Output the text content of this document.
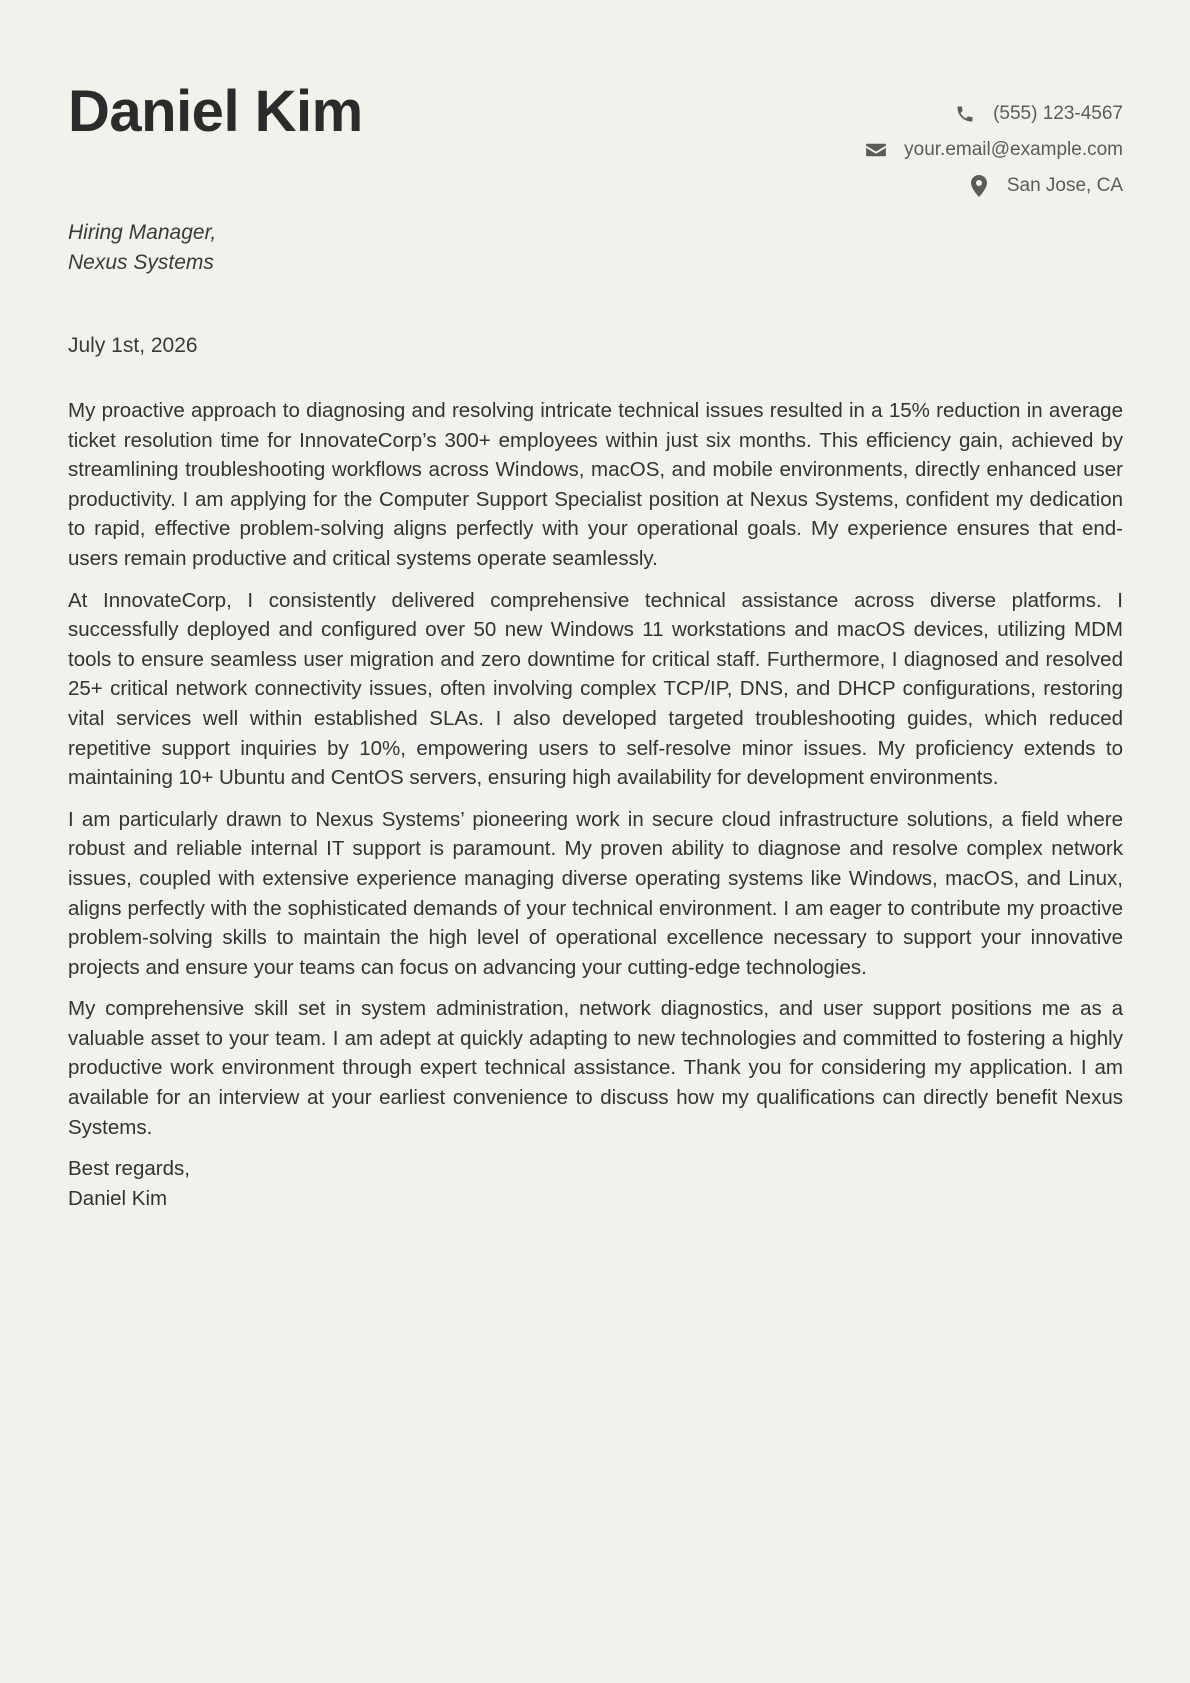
Daniel Kim	(555) 123-4567
your.email@example.com
San Jose, CA
Hiring Manager,
Nexus Systems
July 1st, 2026

My proactive approach to diagnosing and resolving intricate technical issues resulted in a 15% reduction in average ticket resolution time for InnovateCorp’s 300+ employees within just six months. This efficiency gain, achieved by streamlining troubleshooting workflows across Windows, macOS, and mobile environments, directly enhanced user productivity. I am applying for the Computer Support Specialist position at Nexus Systems, confident my dedication to rapid, effective problem-solving aligns perfectly with your operational goals. My experience ensures that end-users remain productive and critical systems operate seamlessly.

At InnovateCorp, I consistently delivered comprehensive technical assistance across diverse platforms. I successfully deployed and configured over 50 new Windows 11 workstations and macOS devices, utilizing MDM tools to ensure seamless user migration and zero downtime for critical staff. Furthermore, I diagnosed and resolved 25+ critical network connectivity issues, often involving complex TCP/IP, DNS, and DHCP configurations, restoring vital services well within established SLAs. I also developed targeted troubleshooting guides, which reduced repetitive support inquiries by 10%, empowering users to self-resolve minor issues. My proficiency extends to maintaining 10+ Ubuntu and CentOS servers, ensuring high availability for development environments.

I am particularly drawn to Nexus Systems’ pioneering work in secure cloud infrastructure solutions, a field where robust and reliable internal IT support is paramount. My proven ability to diagnose and resolve complex network issues, coupled with extensive experience managing diverse operating systems like Windows, macOS, and Linux, aligns perfectly with the sophisticated demands of your technical environment. I am eager to contribute my proactive problem-solving skills to maintain the high level of operational excellence necessary to support your innovative projects and ensure your teams can focus on advancing your cutting-edge technologies.

My comprehensive skill set in system administration, network diagnostics, and user support positions me as a valuable asset to your team. I am adept at quickly adapting to new technologies and committed to fostering a highly productive work environment through expert technical assistance. Thank you for considering my application. I am available for an interview at your earliest convenience to discuss how my qualifications can directly benefit Nexus Systems.

Best regards,
Daniel Kim
